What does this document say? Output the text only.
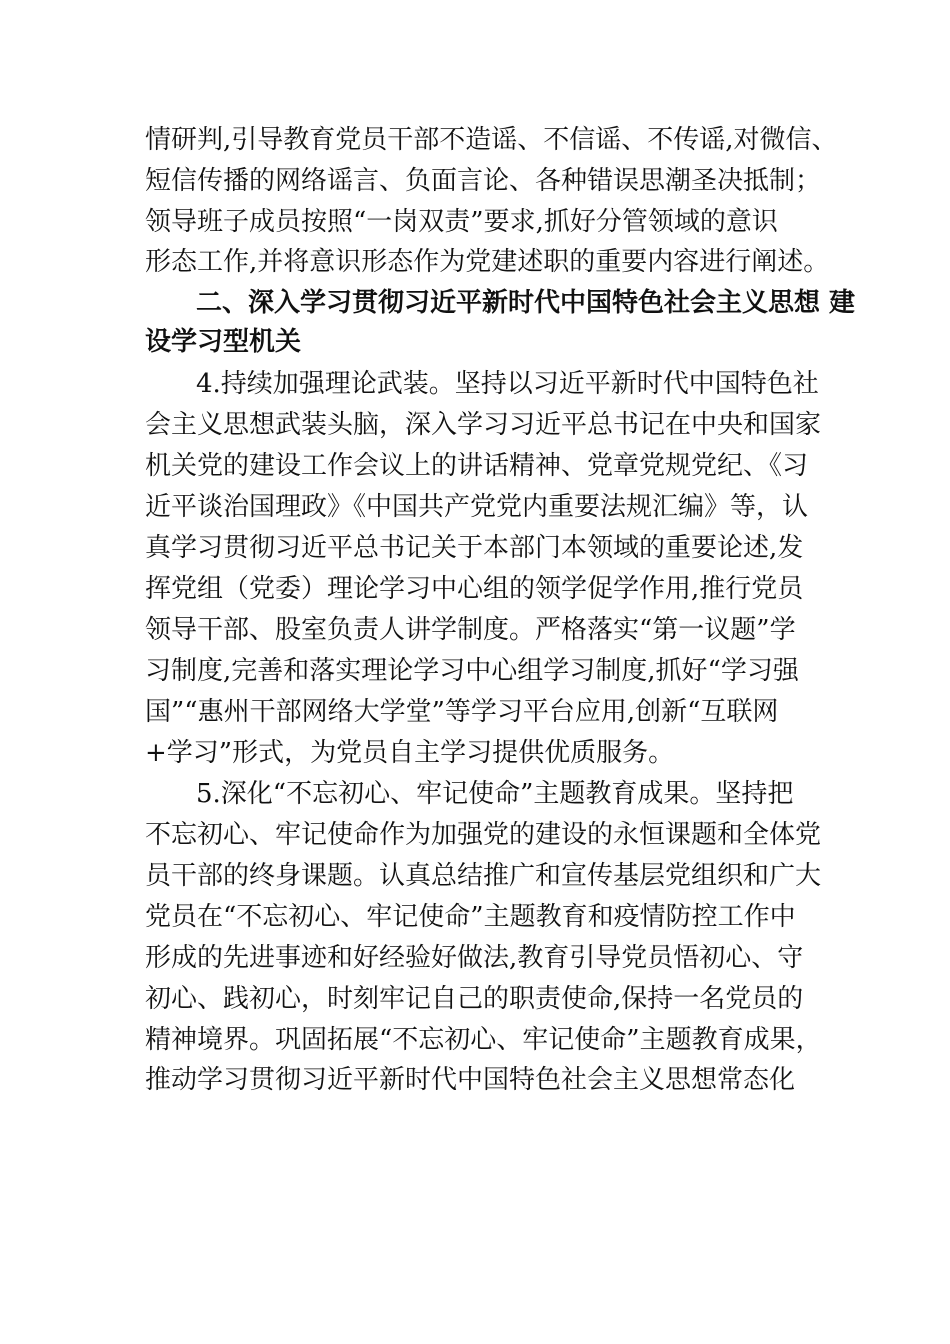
情研判,引导教育党员干部不造谣、不信谣、不传谣,对微信、
短信传播的网络谣言、负面言论、各种错误思潮圣决抵制；
领导班子成员按照“一岗双责”要求,抓好分管领域的意识
形态工作,并将意识形态作为党建述职的重要内容进行阐述。
二、深入学习贯彻习近平新时代中国特色社会主义思想 建
设学习型机关
4.持续加强理论武装。坚持以习近平新时代中国特色社
会主义思想武装头脑，深入学习习近平总书记在中央和国家
机关党的建设工作会议上的讲话精神、党章党规党纪、《习
近平谈治国理政》《中国共产党党内重要法规汇编》等，认
真学习贯彻习近平总书记关于本部门本领域的重要论述,发
挥党组（党委）理论学习中心组的领学促学作用,推行党员
领导干部、股室负责人讲学制度。严格落实“第一议题”学
习制度,完善和落实理论学习中心组学习制度,抓好“学习强
国”“惠州干部网络大学堂”等学习平台应用,创新“互联网
+学习”形式，为党员自主学习提供优质服务。
5.深化“不忘初心、牢记使命”主题教育成果。坚持把
不忘初心、牢记使命作为加强党的建设的永恒课题和全体党
员干部的终身课题。认真总结推广和宣传基层党组织和广大
党员在“不忘初心、牢记使命”主题教育和疫情防控工作中
形成的先进事迹和好经验好做法,教育引导党员悟初心、守
初心、践初心，时刻牢记自己的职责使命,保持一名党员的
精神境界。巩固拓展“不忘初心、牢记使命”主题教育成果，
推动学习贯彻习近平新时代中国特色社会主义思想常态化
